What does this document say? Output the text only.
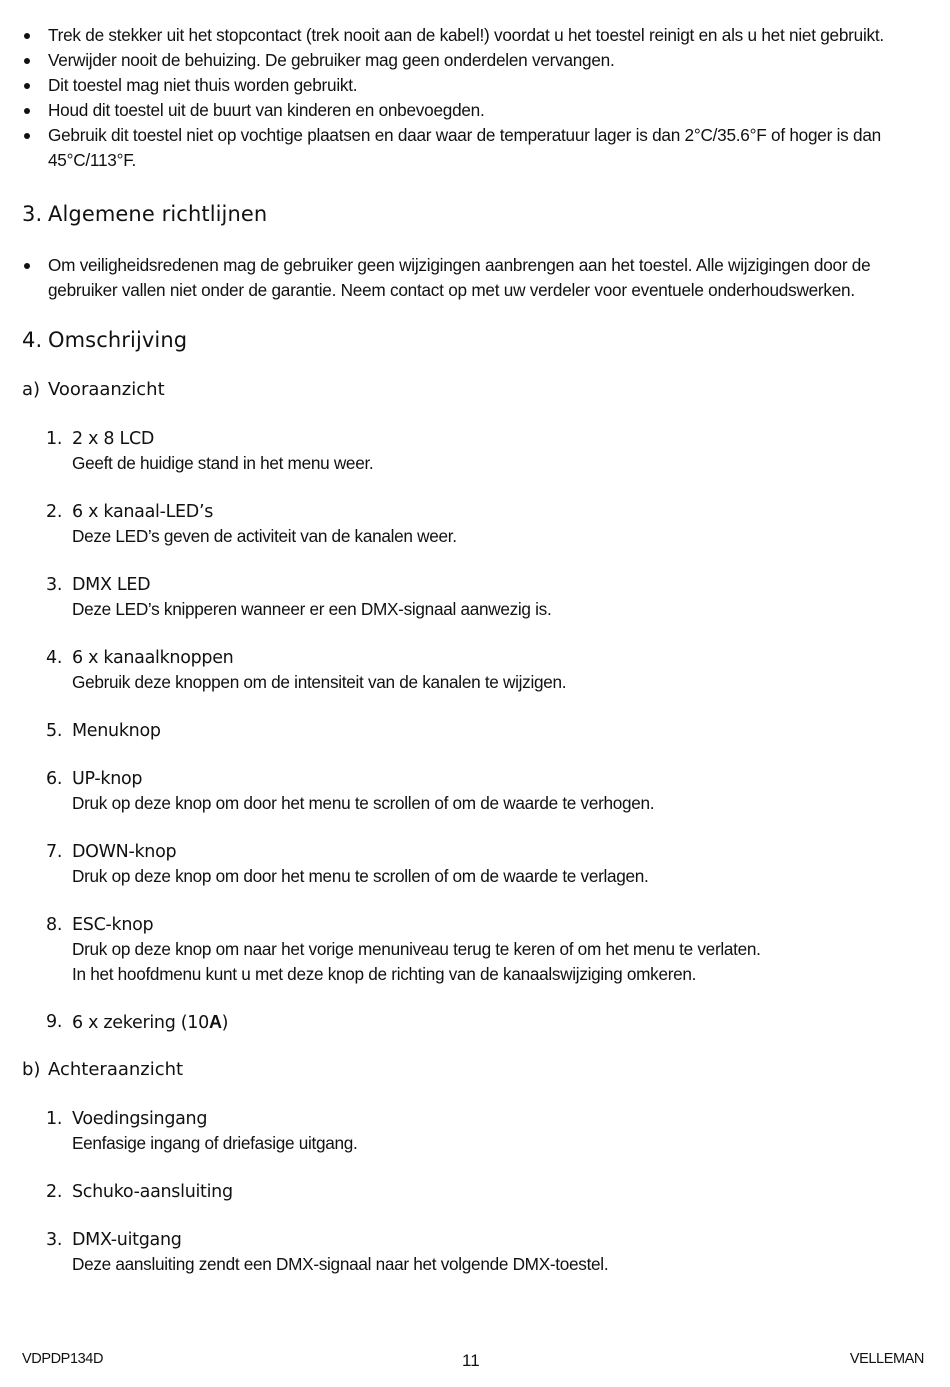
Trek de stekker uit het stopcontact (trek nooit aan de kabel!) voordat u het toestel reinigt en als u het niet gebruikt.
Verwijder nooit de behuizing. De gebruiker mag geen onderdelen vervangen.
Dit toestel mag niet thuis worden gebruikt.
Houd dit toestel uit de buurt van kinderen en onbevoegden.
Gebruik dit toestel niet op vochtige plaatsen en daar waar de temperatuur lager is dan 2°C/35.6°F of hoger is dan 45°C/113°F.
3. Algemene richtlijnen
Om veiligheidsredenen mag de gebruiker geen wijzigingen aanbrengen aan het toestel. Alle wijzigingen door de gebruiker vallen niet onder de garantie. Neem contact op met uw verdeler voor eventuele onderhoudswerken.
4. Omschrijving
a) Vooraanzicht
1. 2 x 8 LCD
Geeft de huidige stand in het menu weer.
2. 6 x kanaal-LED’s
Deze LED’s geven de activiteit van de kanalen weer.
3. DMX LED
Deze LED’s knipperen wanneer er een DMX-signaal aanwezig is.
4. 6 x kanaalknoppen
Gebruik deze knoppen om de intensiteit van de kanalen te wijzigen.
5. Menuknop
6. UP-knop
Druk op deze knop om door het menu te scrollen of om de waarde te verhogen.
7. DOWN-knop
Druk op deze knop om door het menu te scrollen of om de waarde te verlagen.
8. ESC-knop
Druk op deze knop om naar het vorige menuniveau terug te keren of om het menu te verlaten.
In het hoofdmenu kunt u met deze knop de richting van de kanaalswijziging omkeren.
9. 6 x zekering (10A)
b) Achteraanzicht
1. Voedingsingang
Eenfasige ingang of driefasige uitgang.
2. Schuko-aansluiting
3. DMX-uitgang
Deze aansluiting zendt een DMX-signaal naar het volgende DMX-toestel.
VDPDP134D	11	VELLEMAN
